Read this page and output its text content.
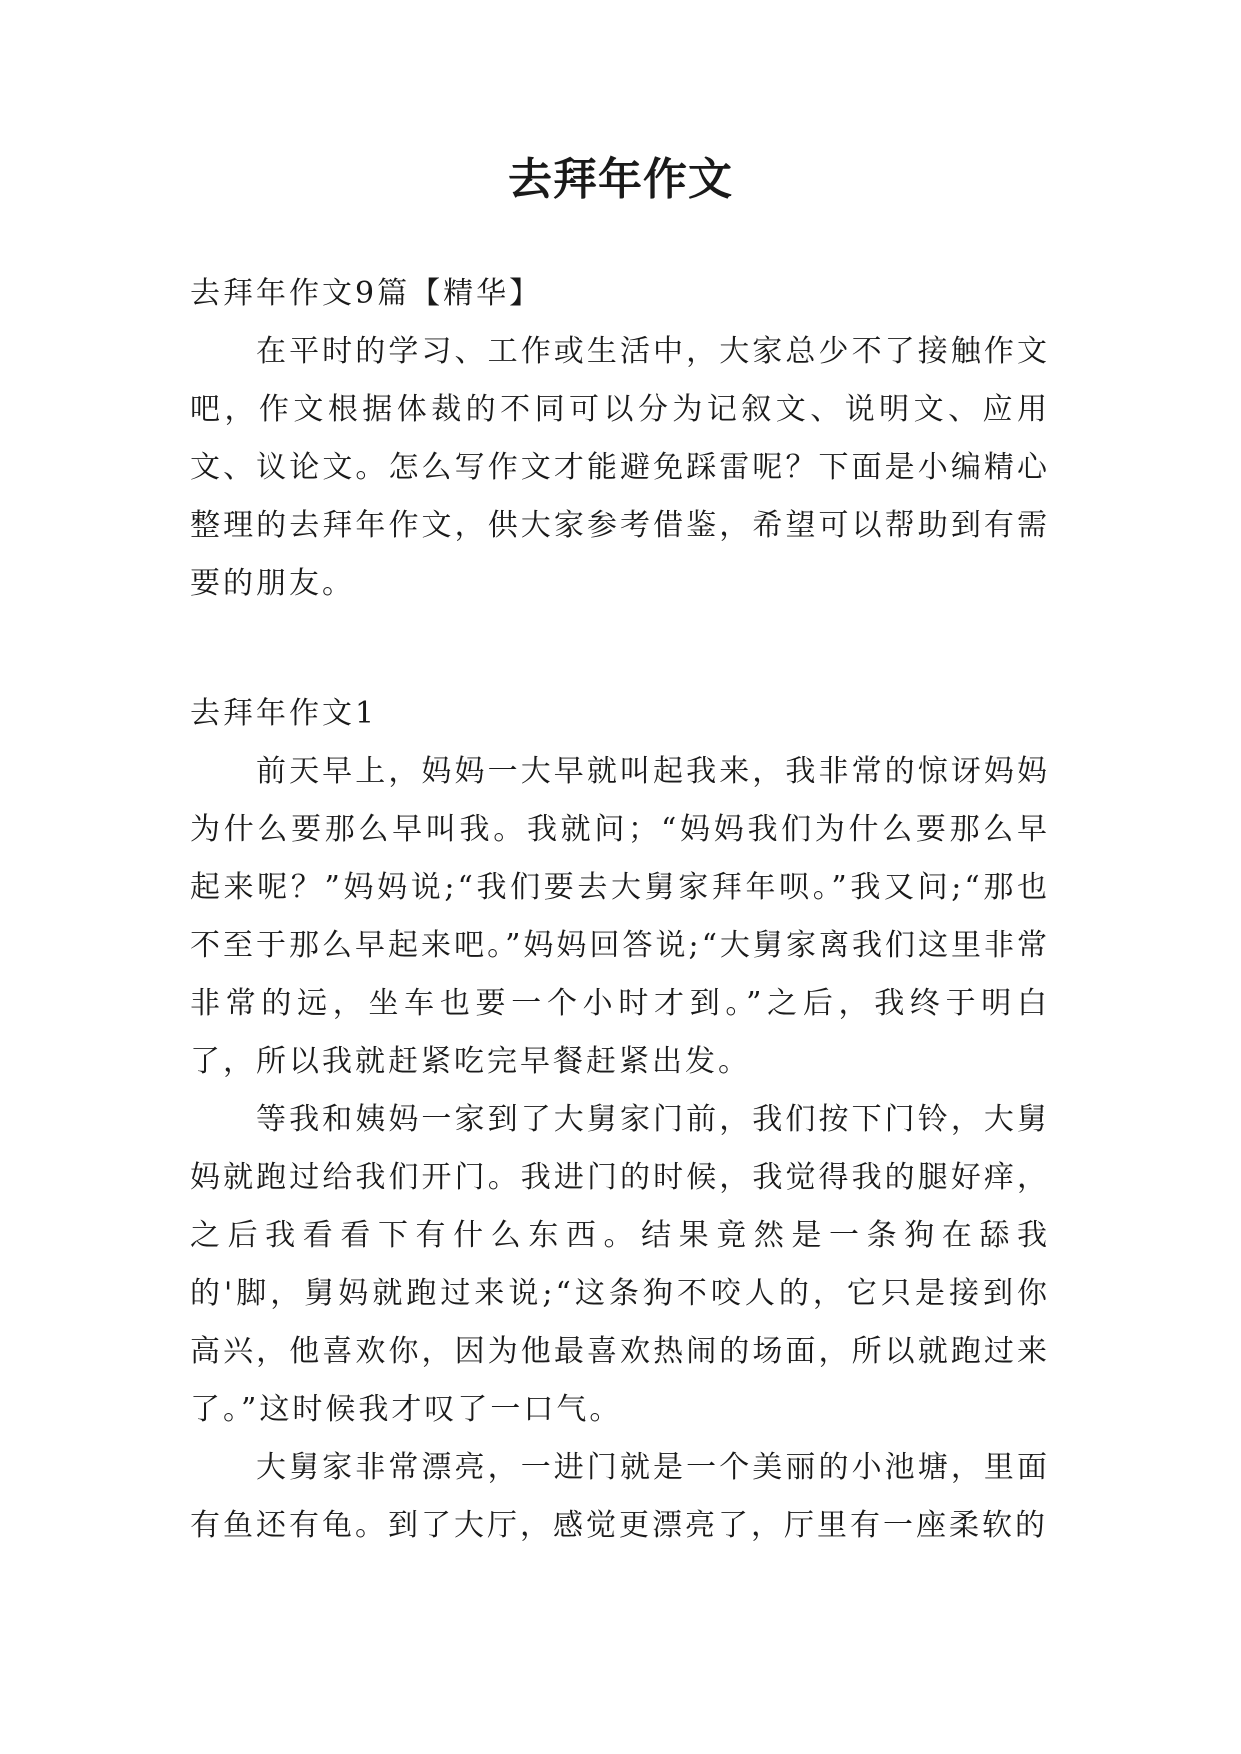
去拜年作文

去拜年作文9篇【精华】

在平时的学习、工作或生活中，大家总少不了接触作文吧，作文根据体裁的不同可以分为记叙文、说明文、应用文、议论文。怎么写作文才能避免踩雷呢？下面是小编精心整理的去拜年作文，供大家参考借鉴，希望可以帮助到有需要的朋友。

去拜年作文1

前天早上，妈妈一大早就叫起我来，我非常的惊讶妈妈为什么要那么早叫我。我就问；“妈妈我们为什么要那么早起来呢？”妈妈说;“我们要去大舅家拜年呗。”我又问;“那也不至于那么早起来吧。”妈妈回答说;“大舅家离我们这里非常非常的远，坐车也要一个小时才到。”之后，我终于明白了，所以我就赶紧吃完早餐赶紧出发。

等我和姨妈一家到了大舅家门前，我们按下门铃，大舅妈就跑过给我们开门。我进门的时候，我觉得我的腿好痒，之后我看看下有什么东西。结果竟然是一条狗在舔我的'脚，舅妈就跑过来说;“这条狗不咬人的，它只是接到你高兴，他喜欢你，因为他最喜欢热闹的场面，所以就跑过来了。”这时候我才叹了一口气。

大舅家非常漂亮，一进门就是一个美丽的小池塘，里面有鱼还有龟。到了大厅，感觉更漂亮了，厅里有一座柔软的
